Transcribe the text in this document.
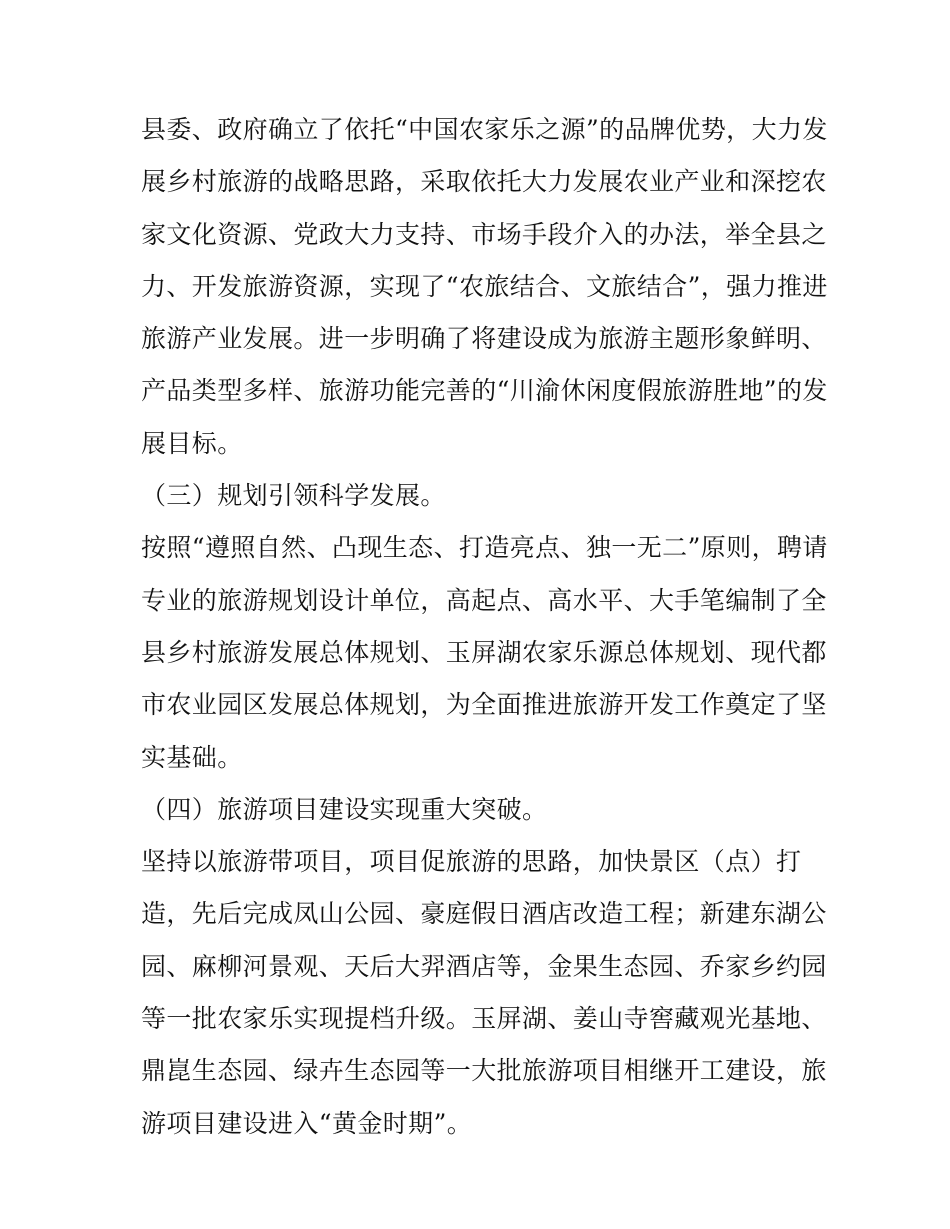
县委、政府确立了依托“中国农家乐之源”的品牌优势，大力发
展乡村旅游的战略思路，采取依托大力发展农业产业和深挖农
家文化资源、党政大力支持、市场手段介入的办法，举全县之
力、开发旅游资源，实现了“农旅结合、文旅结合”，强力推进
旅游产业发展。进一步明确了将建设成为旅游主题形象鲜明、
产品类型多样、旅游功能完善的“川渝休闲度假旅游胜地”的发
展目标。
（三）规划引领科学发展。
按照“遵照自然、凸现生态、打造亮点、独一无二”原则，聘请
专业的旅游规划设计单位，高起点、高水平、大手笔编制了全
县乡村旅游发展总体规划、玉屏湖农家乐源总体规划、现代都
市农业园区发展总体规划，为全面推进旅游开发工作奠定了坚
实基础。
（四）旅游项目建设实现重大突破。
坚持以旅游带项目，项目促旅游的思路，加快景区（点）打
造，先后完成凤山公园、豪庭假日酒店改造工程；新建东湖公
园、麻柳河景观、天后大羿酒店等，金果生态园、乔家乡约园
等一批农家乐实现提档升级。玉屏湖、姜山寺窖藏观光基地、
鼎崑生态园、绿卉生态园等一大批旅游项目相继开工建设，旅
游项目建设进入“黄金时期”。
